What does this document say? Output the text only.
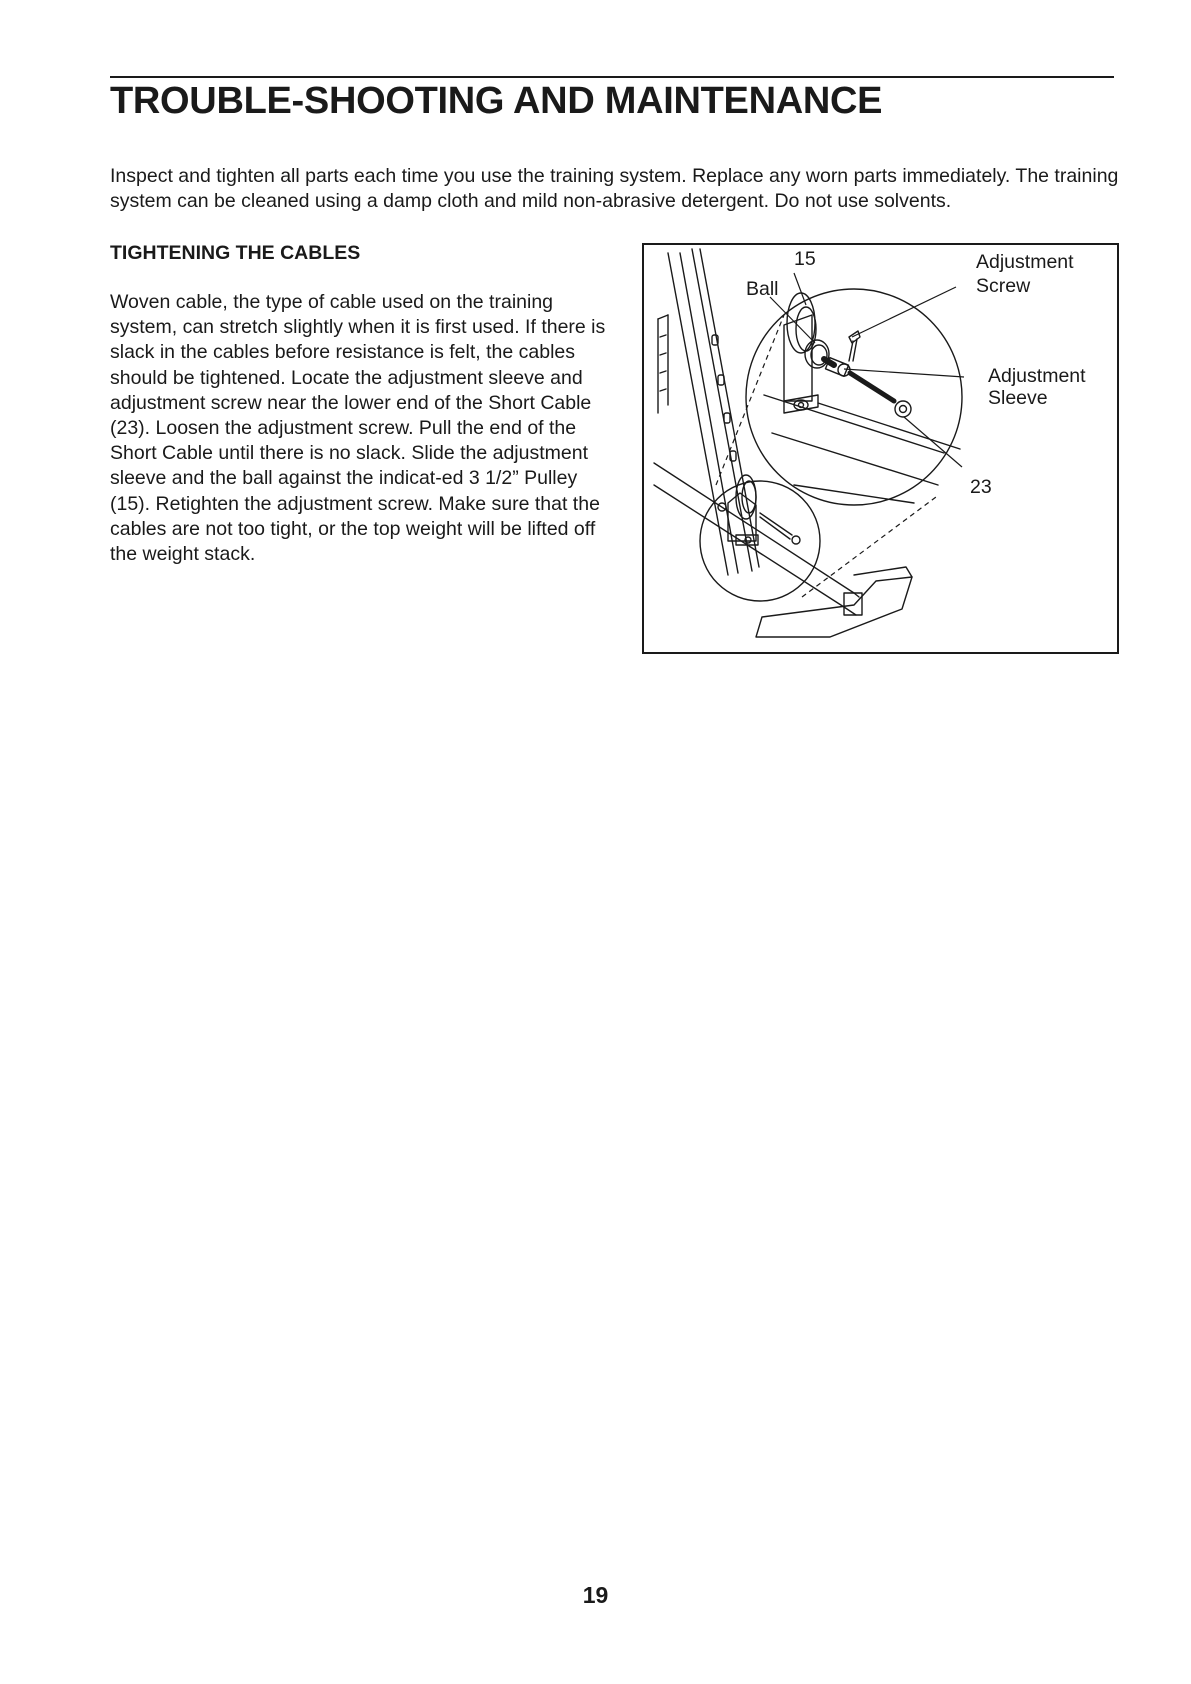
TROUBLE-SHOOTING AND MAINTENANCE

Inspect and tighten all parts each time you use the training system. Replace any worn parts immediately. The training system can be cleaned using a damp cloth and mild non-abrasive detergent. Do not use solvents.

TIGHTENING THE CABLES

Woven cable, the type of cable used on the training system, can stretch slightly when it is first used. If there is slack in the cables before resistance is felt, the cables should be tightened. Locate the adjustment sleeve and adjustment screw near the lower end of the Short Cable (23). Loosen the adjustment screw. Pull the end of the Short Cable until there is no slack. Slide the adjustment sleeve and the ball against the indicat-ed 3 1/2” Pulley (15). Retighten the adjustment screw. Make sure that the cables are not too tight, or the top weight will be lifted off the weight stack.

15
Ball
Adjustment
Screw
Adjustment
Sleeve
23
19
